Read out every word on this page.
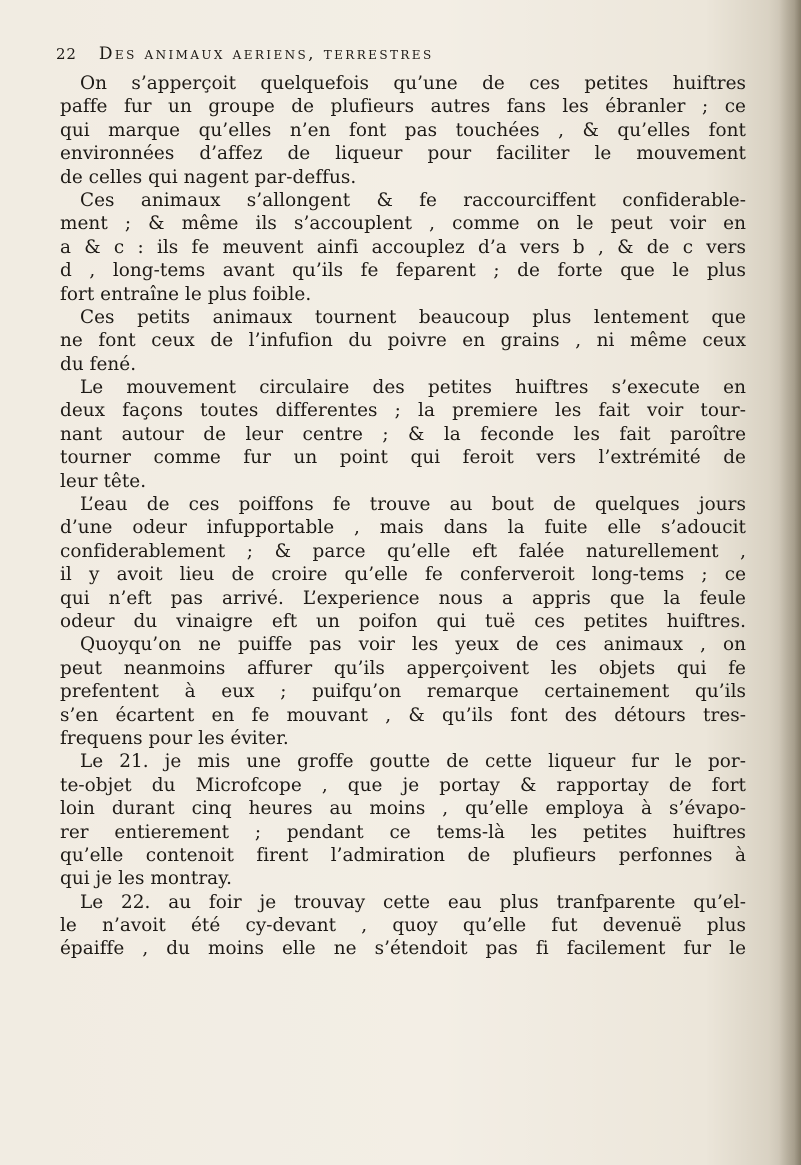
22 Des animaux aeriens, terrestres
On s’apperçoit quelquefois qu’une de ces petites huiftres
paffe fur un groupe de plufieurs autres fans les ébranler ; ce
qui marque qu’elles n’en font pas touchées , & qu’elles font
environnées d’affez de liqueur pour faciliter le mouvement
de celles qui nagent par-deffus.
Ces animaux s’allongent & fe raccourciffent confiderable-
ment ; & même ils s’accouplent , comme on le peut voir en
a & c : ils fe meuvent ainfi accouplez d’a vers b , & de c vers
d , long-tems avant qu’ils fe feparent ; de forte que le plus
fort entraîne le plus foible.
Ces petits animaux tournent beaucoup plus lentement que
ne font ceux de l’infufion du poivre en grains , ni même ceux
du fené.
Le mouvement circulaire des petites huiftres s’execute en
deux façons toutes differentes ; la premiere les fait voir tour-
nant autour de leur centre ; & la feconde les fait paroître
tourner comme fur un point qui feroit vers l’extrémité de
leur tête.
L’eau de ces poiffons fe trouve au bout de quelques jours
d’une odeur infupportable , mais dans la fuite elle s’adoucit
confiderablement ; & parce qu’elle eft falée naturellement ,
il y avoit lieu de croire qu’elle fe conferveroit long-tems ; ce
qui n’eft pas arrivé. L’experience nous a appris que la feule
odeur du vinaigre eft un poifon qui tuë ces petites huiftres.
Quoyqu’on ne puiffe pas voir les yeux de ces animaux , on
peut neanmoins affurer qu’ils apperçoivent les objets qui fe
prefentent à eux ; puifqu’on remarque certainement qu’ils
s’en écartent en fe mouvant , & qu’ils font des détours tres-
frequens pour les éviter.
Le 21. je mis une groffe goutte de cette liqueur fur le por-
te-objet du Microfcope , que je portay & rapportay de fort
loin durant cinq heures au moins , qu’elle employa à s’évapo-
rer entierement ; pendant ce tems-là les petites huiftres
qu’elle contenoit firent l’admiration de plufieurs perfonnes à
qui je les montray.
Le 22. au foir je trouvay cette eau plus tranfparente qu’el-
le n’avoit été cy-devant , quoy qu’elle fut devenuë plus
épaiffe , du moins elle ne s’étendoit pas fi facilement fur le
